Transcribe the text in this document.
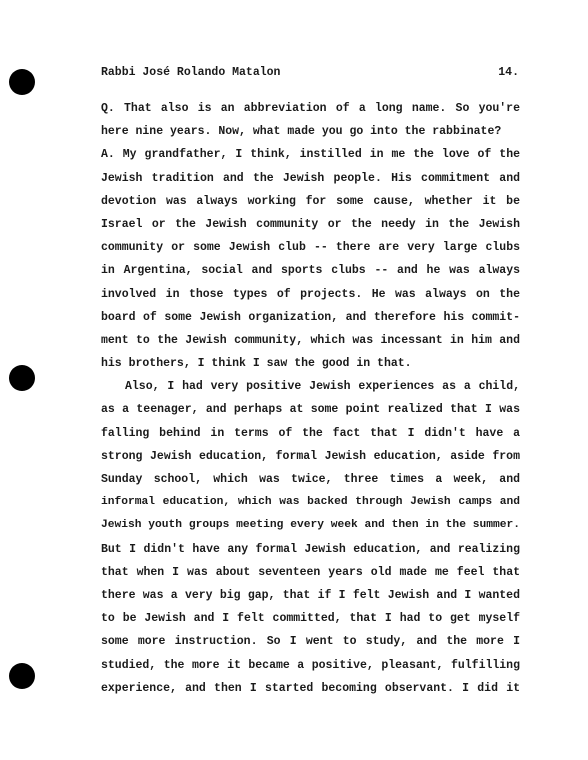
Rabbi José Rolando Matalon	14.
Q. That also is an abbreviation of a long name. So you're
here nine years. Now, what made you go into the rabbinate?
A. My grandfather, I think, instilled in me the love of the
Jewish tradition and the Jewish people. His commitment and
devotion was always working for some cause, whether it be
Israel or the Jewish community or the needy in the Jewish
community or some Jewish club -- there are very large clubs
in Argentina, social and sports clubs -- and he was always
involved in those types of projects. He was always on the
board of some Jewish organization, and therefore his commit-
ment to the Jewish community, which was incessant in him and
his brothers, I think I saw the good in that.
Also, I had very positive Jewish experiences as a child,
as a teenager, and perhaps at some point realized that I was
falling behind in terms of the fact that I didn't have a
strong Jewish education, formal Jewish education, aside from
Sunday school, which was twice, three times a week, and
informal education, which was backed through Jewish camps and
Jewish youth groups meeting every week and then in the summer.
But I didn't have any formal Jewish education, and realizing
that when I was about seventeen years old made me feel that
there was a very big gap, that if I felt Jewish and I wanted
to be Jewish and I felt committed, that I had to get myself
some more instruction. So I went to study, and the more I
studied, the more it became a positive, pleasant, fulfilling
experience, and then I started becoming observant. I did it
